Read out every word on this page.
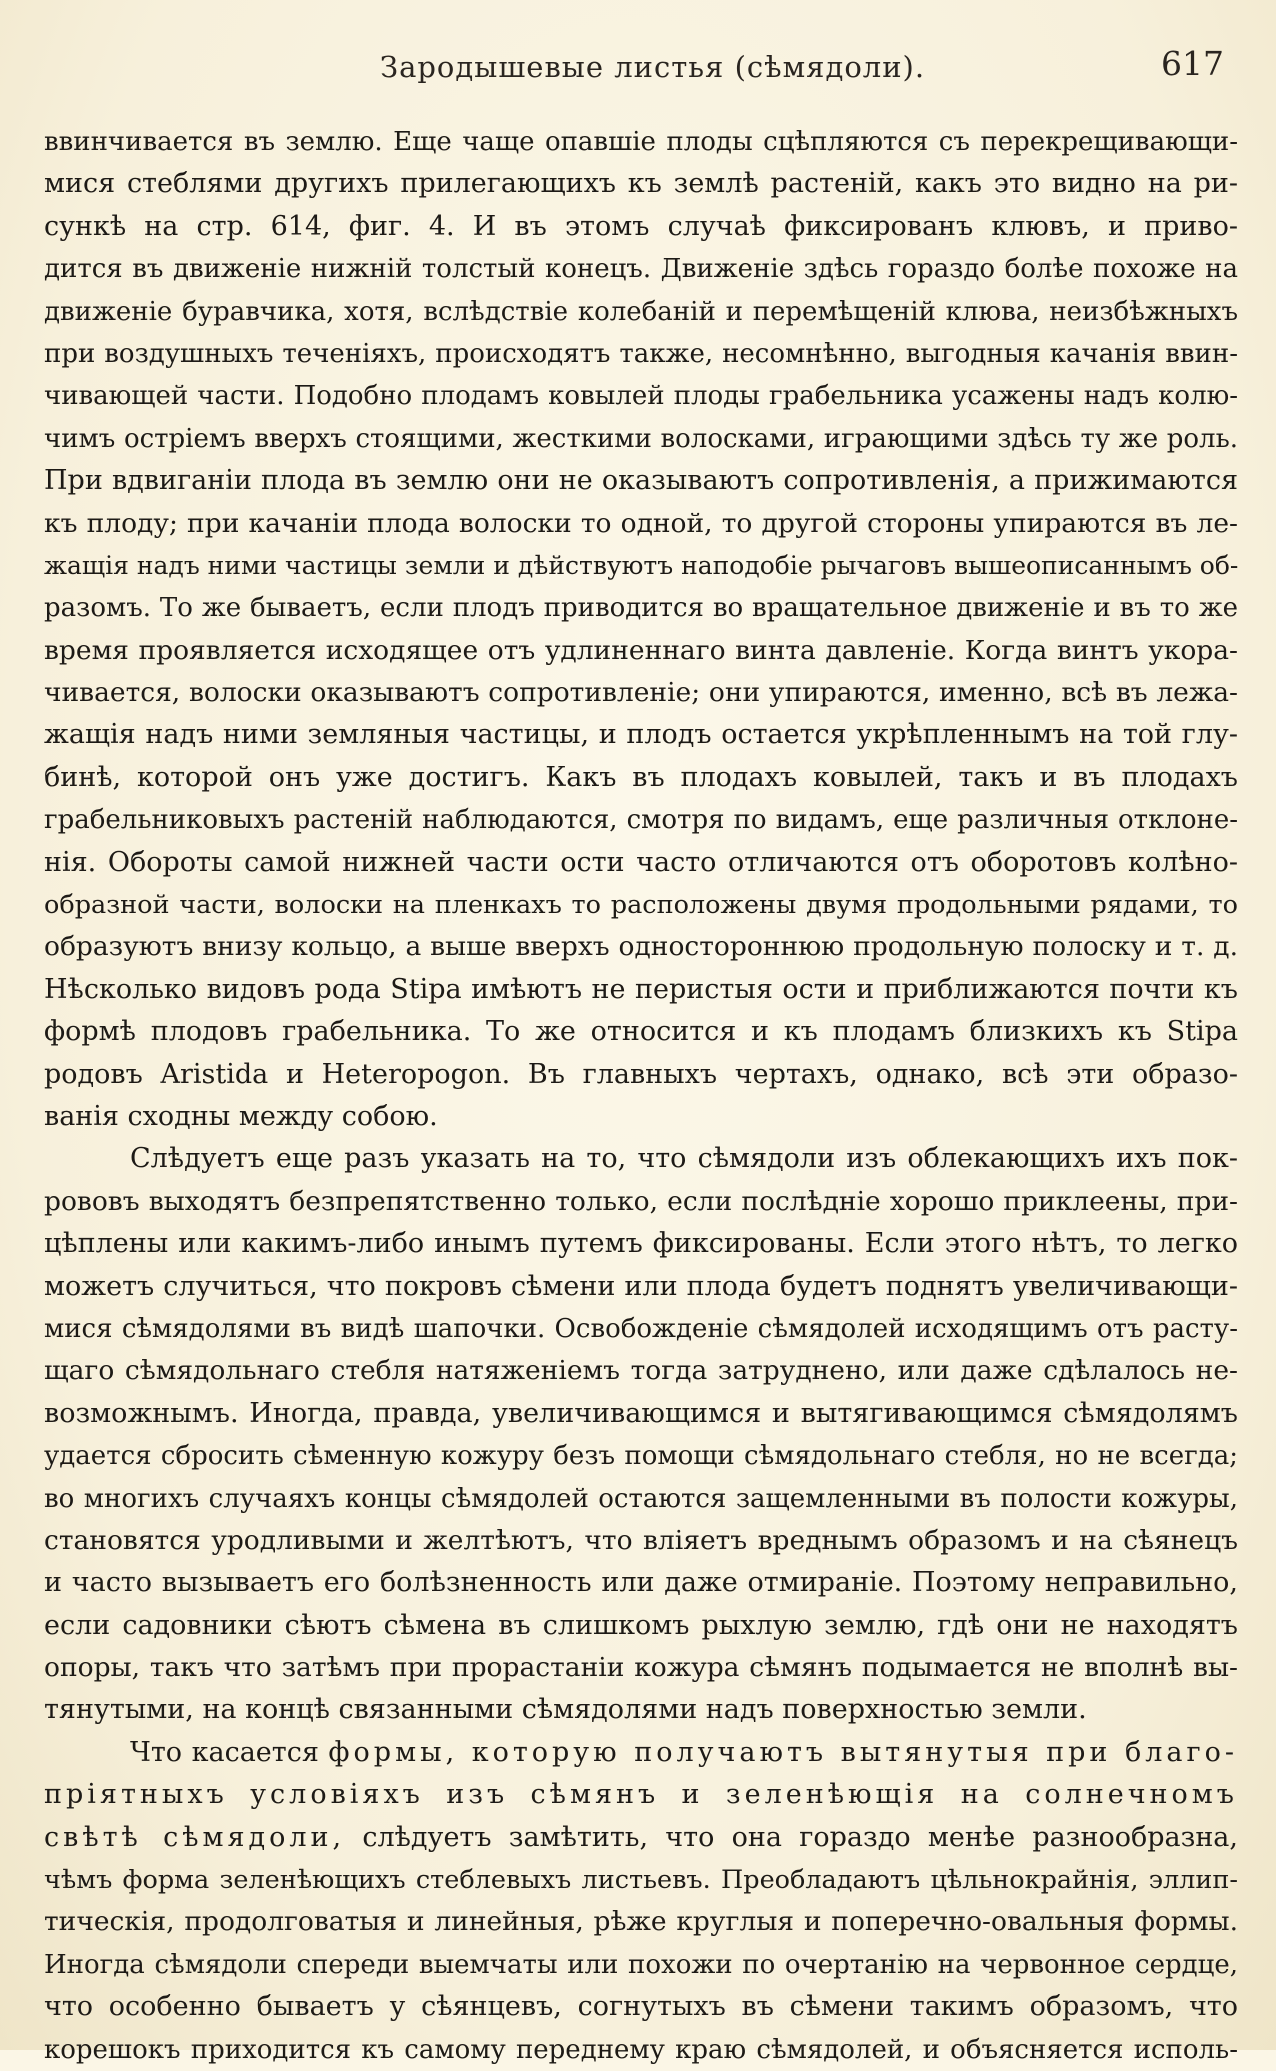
Зародышевые листья (сѣмядоли).	617
ввинчивается въ землю. Еще чаще опавшiе плоды сцѣпляются съ перекрещивающи-
мися стеблями другихъ прилегающихъ къ землѣ растенiй, какъ это видно на ри-
сункѣ на стр. 614, фиг. 4. И въ этомъ случаѣ фиксированъ клювъ, и приво-
дится въ движенiе нижнiй толстый конецъ. Движенiе здѣсь гораздо болѣе похоже на
движенiе буравчика, хотя, вслѣдствiе колебанiй и перемѣщенiй клюва, неизбѣжныхъ
при воздушныхъ теченiяхъ, происходятъ также, несомнѣнно, выгодныя качанiя ввин-
чивающей части. Подобно плодамъ ковылей плоды грабельника усажены надъ колю-
чимъ острiемъ вверхъ стоящими, жесткими волосками, играющими здѣсь ту же роль.
При вдвиганiи плода въ землю они не оказываютъ сопротивленiя, а прижимаются
къ плоду; при качанiи плода волоски то одной, то другой стороны упираются въ ле-
жащiя надъ ними частицы земли и дѣйствуютъ наподобiе рычаговъ вышеописаннымъ об-
разомъ. То же бываетъ, если плодъ приводится во вращательное движенiе и въ то же
время проявляется исходящее отъ удлиненнаго винта давленiе. Когда винтъ укора-
чивается, волоски оказываютъ сопротивленiе; они упираются, именно, всѣ въ лежа-
жащiя надъ ними земляныя частицы, и плодъ остается укрѣпленнымъ на той глу-
бинѣ, которой онъ уже достигъ. Какъ въ плодахъ ковылей, такъ и въ плодахъ
грабельниковыхъ растенiй наблюдаются, смотря по видамъ, еще различныя отклоне-
нiя. Обороты самой нижней части ости часто отличаются отъ оборотовъ колѣно-
образной части, волоски на пленкахъ то расположены двумя продольными рядами, то
образуютъ внизу кольцо, а выше вверхъ одностороннюю продольную полоску и т. д.
Нѣсколько видовъ рода Stipa имѣютъ не перистыя ости и приближаются почти къ
формѣ плодовъ грабельника. То же относится и къ плодамъ близкихъ къ Stipa
родовъ Aristida и Heteropogon. Въ главныхъ чертахъ, однако, всѣ эти образо-
ванiя сходны между собою.
Слѣдуетъ еще разъ указать на то, что сѣмядоли изъ облекающихъ ихъ пок-
рововъ выходятъ безпрепятственно только, если послѣднiе хорошо приклеены, при-
цѣплены или какимъ-либо инымъ путемъ фиксированы. Если этого нѣтъ, то легко
можетъ случиться, что покровъ сѣмени или плода будетъ поднятъ увеличивающи-
мися сѣмядолями въ видѣ шапочки. Освобожденiе сѣмядолей исходящимъ отъ расту-
щаго сѣмядольнаго стебля натяженiемъ тогда затруднено, или даже сдѣлалось не-
возможнымъ. Иногда, правда, увеличивающимся и вытягивающимся сѣмядолямъ
удается сбросить сѣменную кожуру безъ помощи сѣмядольнаго стебля, но не всегда;
во многихъ случаяхъ концы сѣмядолей остаются защемленными въ полости кожуры,
становятся уродливыми и желтѣютъ, что влiяетъ вреднымъ образомъ и на сѣянецъ
и часто вызываетъ его болѣзненность или даже отмиранiе. Поэтому неправильно,
если садовники сѣютъ сѣмена въ слишкомъ рыхлую землю, гдѣ они не находятъ
опоры, такъ что затѣмъ при прорастанiи кожура сѣмянъ подымается не вполнѣ вы-
тянутыми, на концѣ связанными сѣмядолями надъ поверхностью земли.
Что касается формы, которую получаютъ вытянутыя при благо-
прiятныхъ условiяхъ изъ сѣмянъ и зеленѣющiя на солнечномъ
свѣтѣ сѣмядоли, слѣдуетъ замѣтить, что она гораздо менѣе разнообразна,
чѣмъ форма зеленѣющихъ стеблевыхъ листьевъ. Преобладаютъ цѣльнокрайнiя, эллип-
тическiя, продолговатыя и линейныя, рѣже круглыя и поперечно-овальныя формы.
Иногда сѣмядоли спереди выемчаты или похожи по очертанiю на червонное сердце,
что особенно бываетъ у сѣянцевъ, согнутыхъ въ сѣмени такимъ образомъ, что
корешокъ приходится къ самому переднему краю сѣмядолей, и объясняется исполь-
